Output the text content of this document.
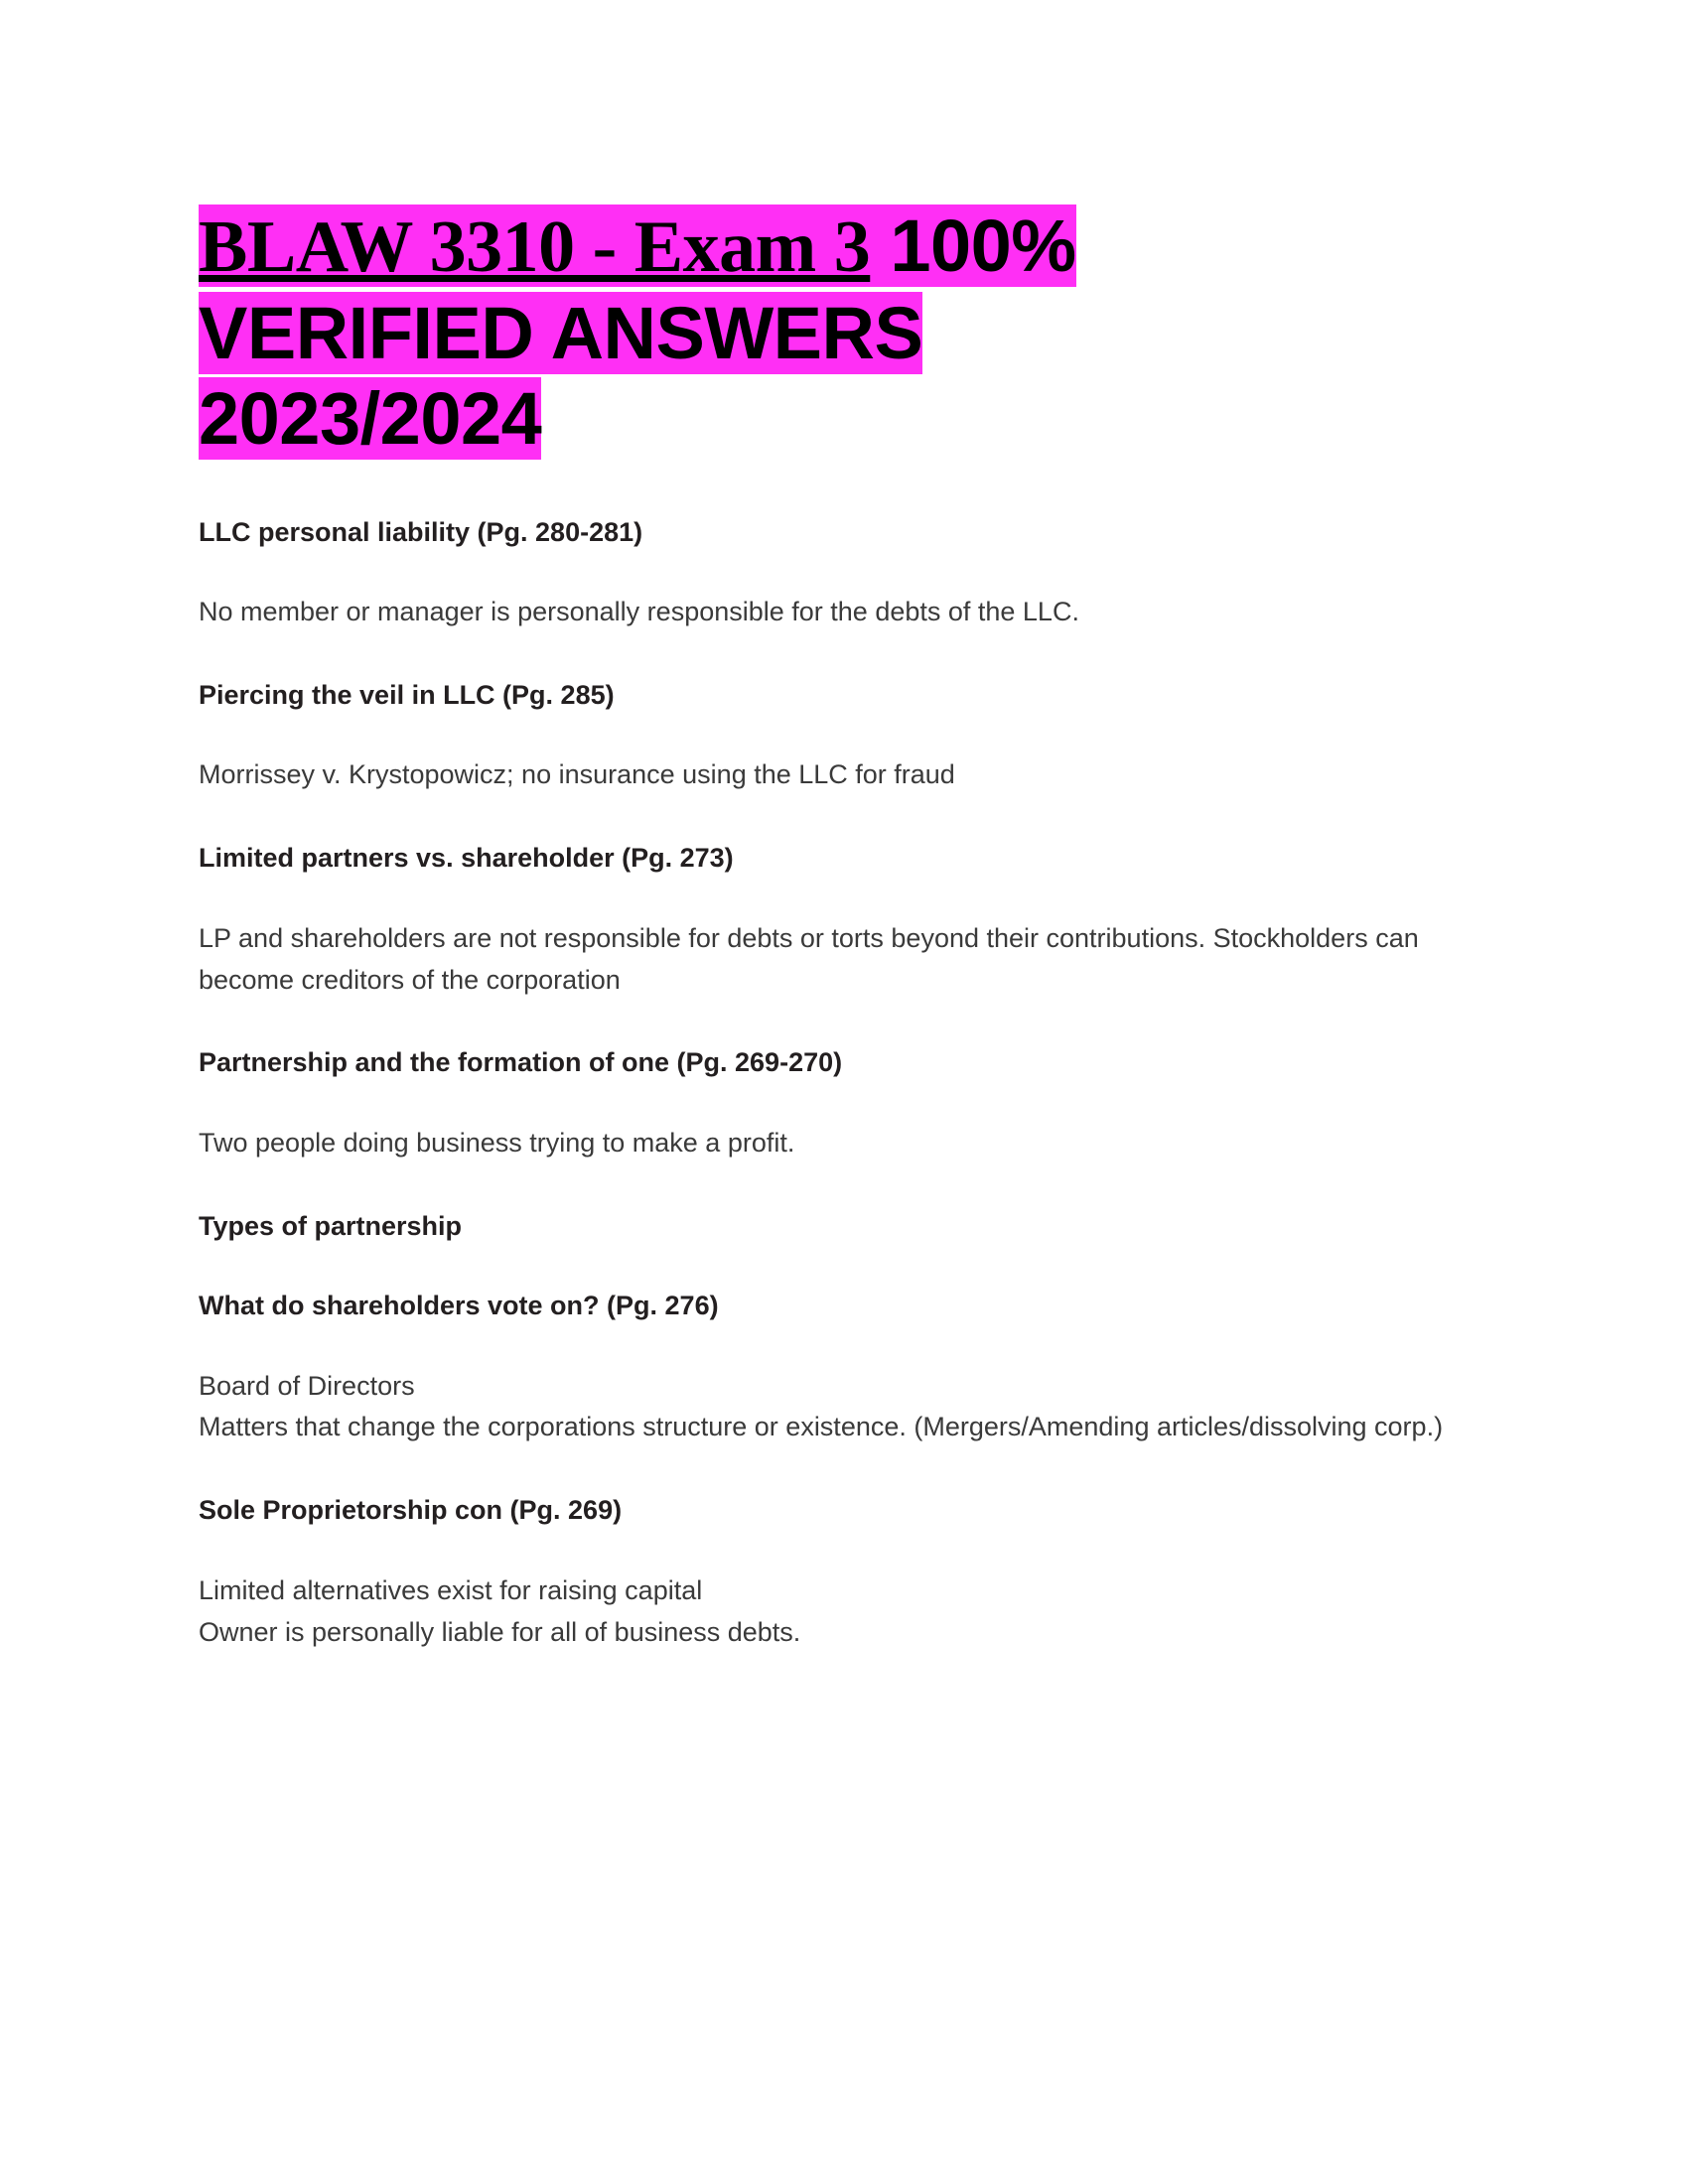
BLAW 3310 - Exam 3 100%
VERIFIED ANSWERS
2023/2024

LLC personal liability (Pg. 280-281)

No member or manager is personally responsible for the debts of the LLC.

Piercing the veil in LLC (Pg. 285)

Morrissey v. Krystopowicz; no insurance using the LLC for fraud

Limited partners vs. shareholder (Pg. 273)

LP and shareholders are not responsible for debts or torts beyond their contributions. Stockholders can become creditors of the corporation

Partnership and the formation of one (Pg. 269-270)

Two people doing business trying to make a profit.

Types of partnership

What do shareholders vote on? (Pg. 276)

Board of Directors
Matters that change the corporations structure or existence. (Mergers/Amending articles/dissolving corp.)

Sole Proprietorship con (Pg. 269)

Limited alternatives exist for raising capital
Owner is personally liable for all of business debts.
